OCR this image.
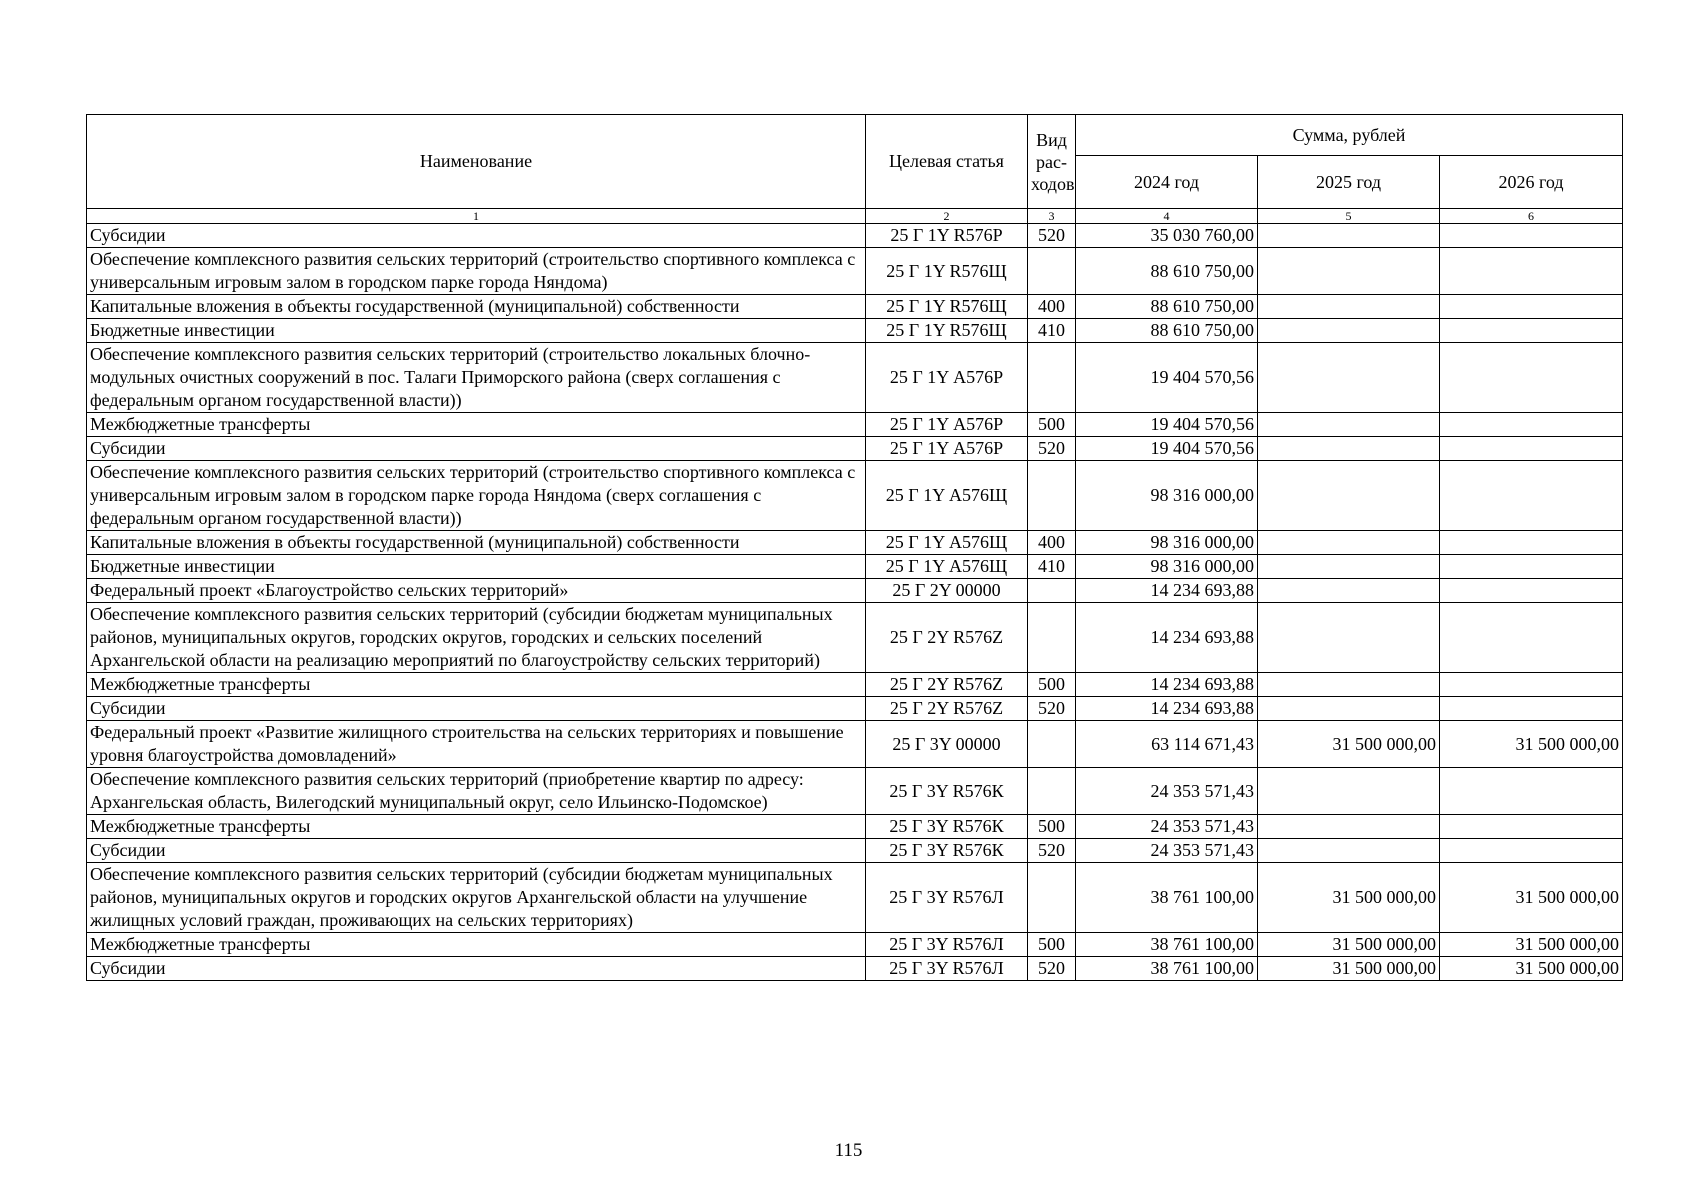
Наименование	Целевая статья	Вид рас-ходов	Сумма, рублей		
			2024 год	2025 год	2026 год
1	2	3	4	5	6
Субсидии	25 Г 1Y R576Р	520	35 030 760,00		
Обеспечение комплексного развития сельских территорий (строительство спортивного комплекса с универсальным игровым залом в городском парке города Няндома)	25 Г 1Y R576Щ		88 610 750,00		
Капитальные вложения в объекты государственной (муниципальной) собственности	25 Г 1Y R576Щ	400	88 610 750,00		
Бюджетные инвестиции	25 Г 1Y R576Щ	410	88 610 750,00		
Обеспечение комплексного развития сельских территорий (строительство локальных блочно-модульных очистных сооружений в пос. Талаги Приморского района (сверх соглашения с федеральным органом государственной власти))	25 Г 1Y А576Р		19 404 570,56		
Межбюджетные трансферты	25 Г 1Y А576Р	500	19 404 570,56		
Субсидии	25 Г 1Y А576Р	520	19 404 570,56		
Обеспечение комплексного развития сельских территорий (строительство спортивного комплекса с универсальным игровым залом в городском парке города Няндома (сверх соглашения с федеральным органом государственной власти))	25 Г 1Y А576Щ		98 316 000,00		
Капитальные вложения в объекты государственной (муниципальной) собственности	25 Г 1Y А576Щ	400	98 316 000,00		
Бюджетные инвестиции	25 Г 1Y А576Щ	410	98 316 000,00		
Федеральный проект «Благоустройство сельских территорий»	25 Г 2Y 00000		14 234 693,88		
Обеспечение комплексного развития сельских территорий (субсидии бюджетам муниципальных районов, муниципальных округов, городских округов, городских и сельских поселений Архангельской области на реализацию мероприятий по благоустройству сельских территорий)	25 Г 2Y R576Z		14 234 693,88		
Межбюджетные трансферты	25 Г 2Y R576Z	500	14 234 693,88		
Субсидии	25 Г 2Y R576Z	520	14 234 693,88		
Федеральный проект «Развитие жилищного строительства на сельских территориях и повышение уровня благоустройства домовладений»	25 Г 3Y 00000		63 114 671,43	31 500 000,00	31 500 000,00
Обеспечение комплексного развития сельских территорий (приобретение квартир по адресу: Архангельская область, Вилегодский муниципальный округ, село Ильинско-Подомское)	25 Г 3Y R576К		24 353 571,43		
Межбюджетные трансферты	25 Г 3Y R576К	500	24 353 571,43		
Субсидии	25 Г 3Y R576К	520	24 353 571,43		
Обеспечение комплексного развития сельских территорий (субсидии бюджетам муниципальных районов, муниципальных округов и городских округов Архангельской области на улучшение жилищных условий граждан, проживающих на сельских территориях)	25 Г 3Y R576Л		38 761 100,00	31 500 000,00	31 500 000,00
Межбюджетные трансферты	25 Г 3Y R576Л	500	38 761 100,00	31 500 000,00	31 500 000,00
Субсидии	25 Г 3Y R576Л	520	38 761 100,00	31 500 000,00	31 500 000,00
115
